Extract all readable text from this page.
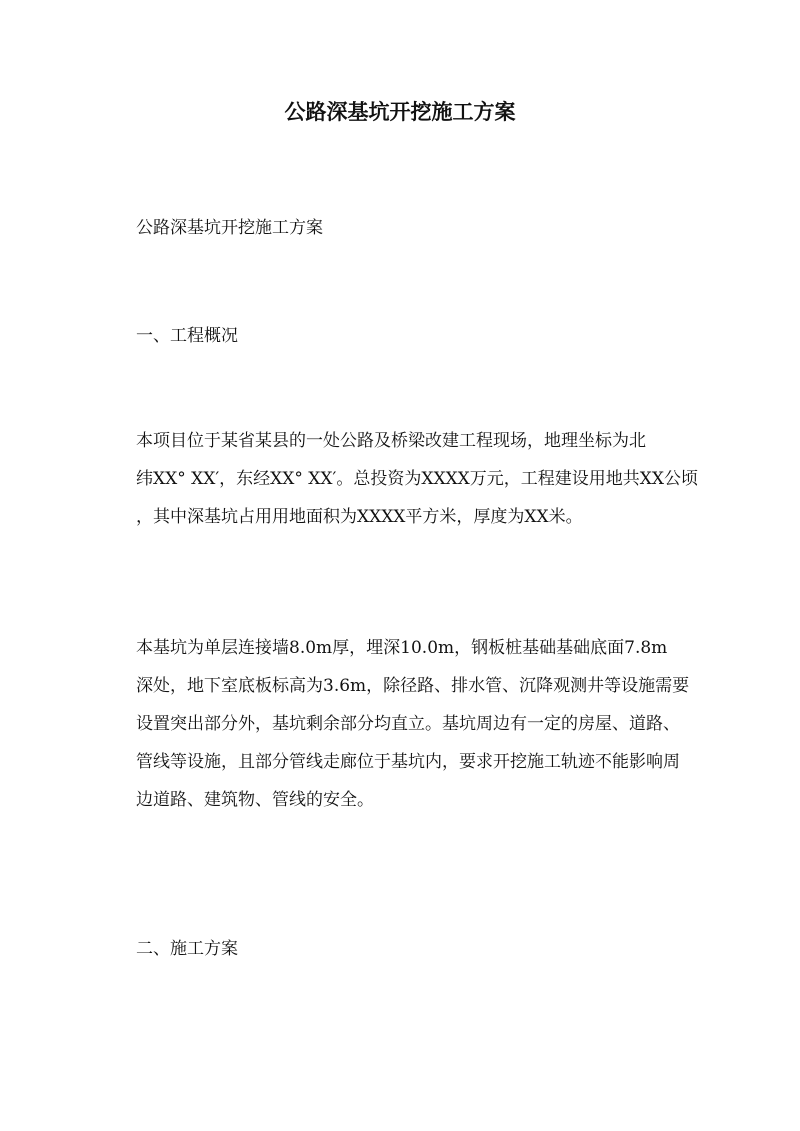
公路深基坑开挖施工方案
公路深基坑开挖施工方案
一、工程概况

本项目位于某省某县的一处公路及桥梁改建工程现场，地理坐标为北

纬XX° XX′，东经XX° XX′。总投资为XXXX万元，工程建设用地共XX公顷

，其中深基坑占用用地面积为XXXX平方米，厚度为XX米。

本基坑为单层连接墙8.0m厚，埋深10.0m，钢板桩基础基础底面7.8m

深处，地下室底板标高为3.6m，除径路、排水管、沉降观测井等设施需要

设置突出部分外，基坑剩余部分均直立。基坑周边有一定的房屋、道路、

管线等设施，且部分管线走廊位于基坑内，要求开挖施工轨迹不能影响周

边道路、建筑物、管线的安全。

二、施工方案
